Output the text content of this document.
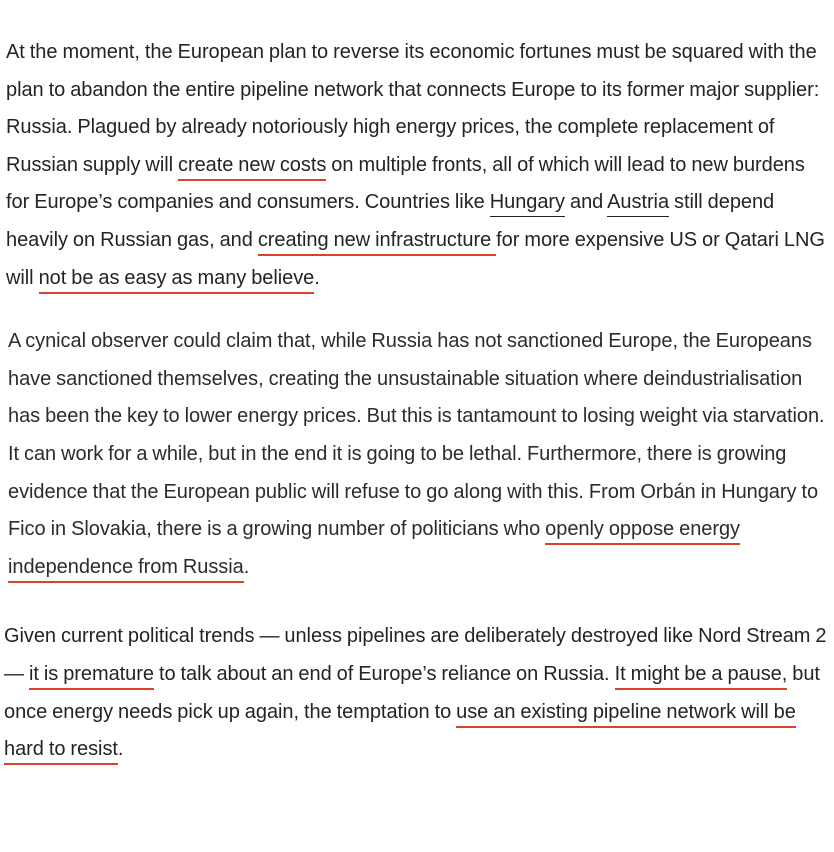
At the moment, the European plan to reverse its economic fortunes must be squared with the plan to abandon the entire pipeline network that connects Europe to its former major supplier: Russia. Plagued by already notoriously high energy prices, the complete replacement of Russian supply will create new costs on multiple fronts, all of which will lead to new burdens for Europe’s companies and consumers. Countries like Hungary and Austria still depend heavily on Russian gas, and creating new infrastructure for more expensive US or Qatari LNG will not be as easy as many believe.

A cynical observer could claim that, while Russia has not sanctioned Europe, the Europeans have sanctioned themselves, creating the unsustainable situation where deindustrialisation has been the key to lower energy prices. But this is tantamount to losing weight via starvation. It can work for a while, but in the end it is going to be lethal. Furthermore, there is growing evidence that the European public will refuse to go along with this. From Orbán in Hungary to Fico in Slovakia, there is a growing number of politicians who openly oppose energy independence from Russia.

Given current political trends — unless pipelines are deliberately destroyed like Nord Stream 2 — it is premature to talk about an end of Europe’s reliance on Russia. It might be a pause, but once energy needs pick up again, the temptation to use an existing pipeline network will be hard to resist.
